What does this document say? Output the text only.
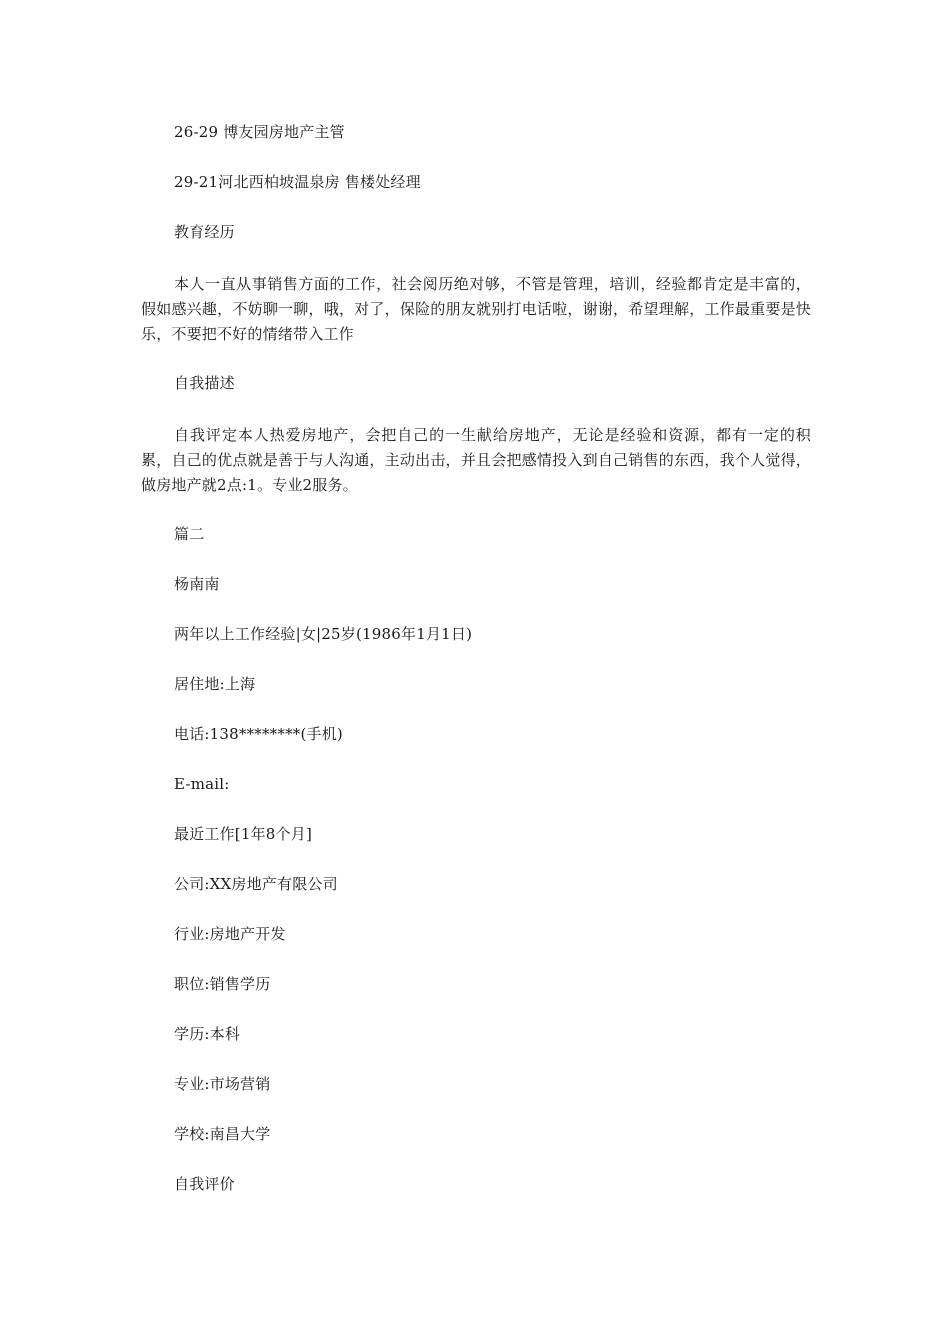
26-29 博友园房地产主管

29-21河北西柏坡温泉房 售楼处经理

教育经历

本人一直从事销售方面的工作，社会阅历绝对够，不管是管理，培训，经验都肯定是丰富的，假如感兴趣，不妨聊一聊，哦，对了，保险的朋友就别打电话啦，谢谢，希望理解，工作最重要是快乐，不要把不好的情绪带入工作

自我描述

自我评定本人热爱房地产，会把自己的一生献给房地产，无论是经验和资源，都有一定的积累，自己的优点就是善于与人沟通，主动出击，并且会把感情投入到自己销售的东西，我个人觉得，做房地产就2点:1。专业2服务。

篇二

杨南南

两年以上工作经验|女|25岁(1986年1月1日)

居住地:上海

电话:138********(手机)

E-mail:

最近工作[1年8个月]

公司:XX房地产有限公司

行业:房地产开发

职位:销售学历

学历:本科

专业:市场营销

学校:南昌大学

自我评价
